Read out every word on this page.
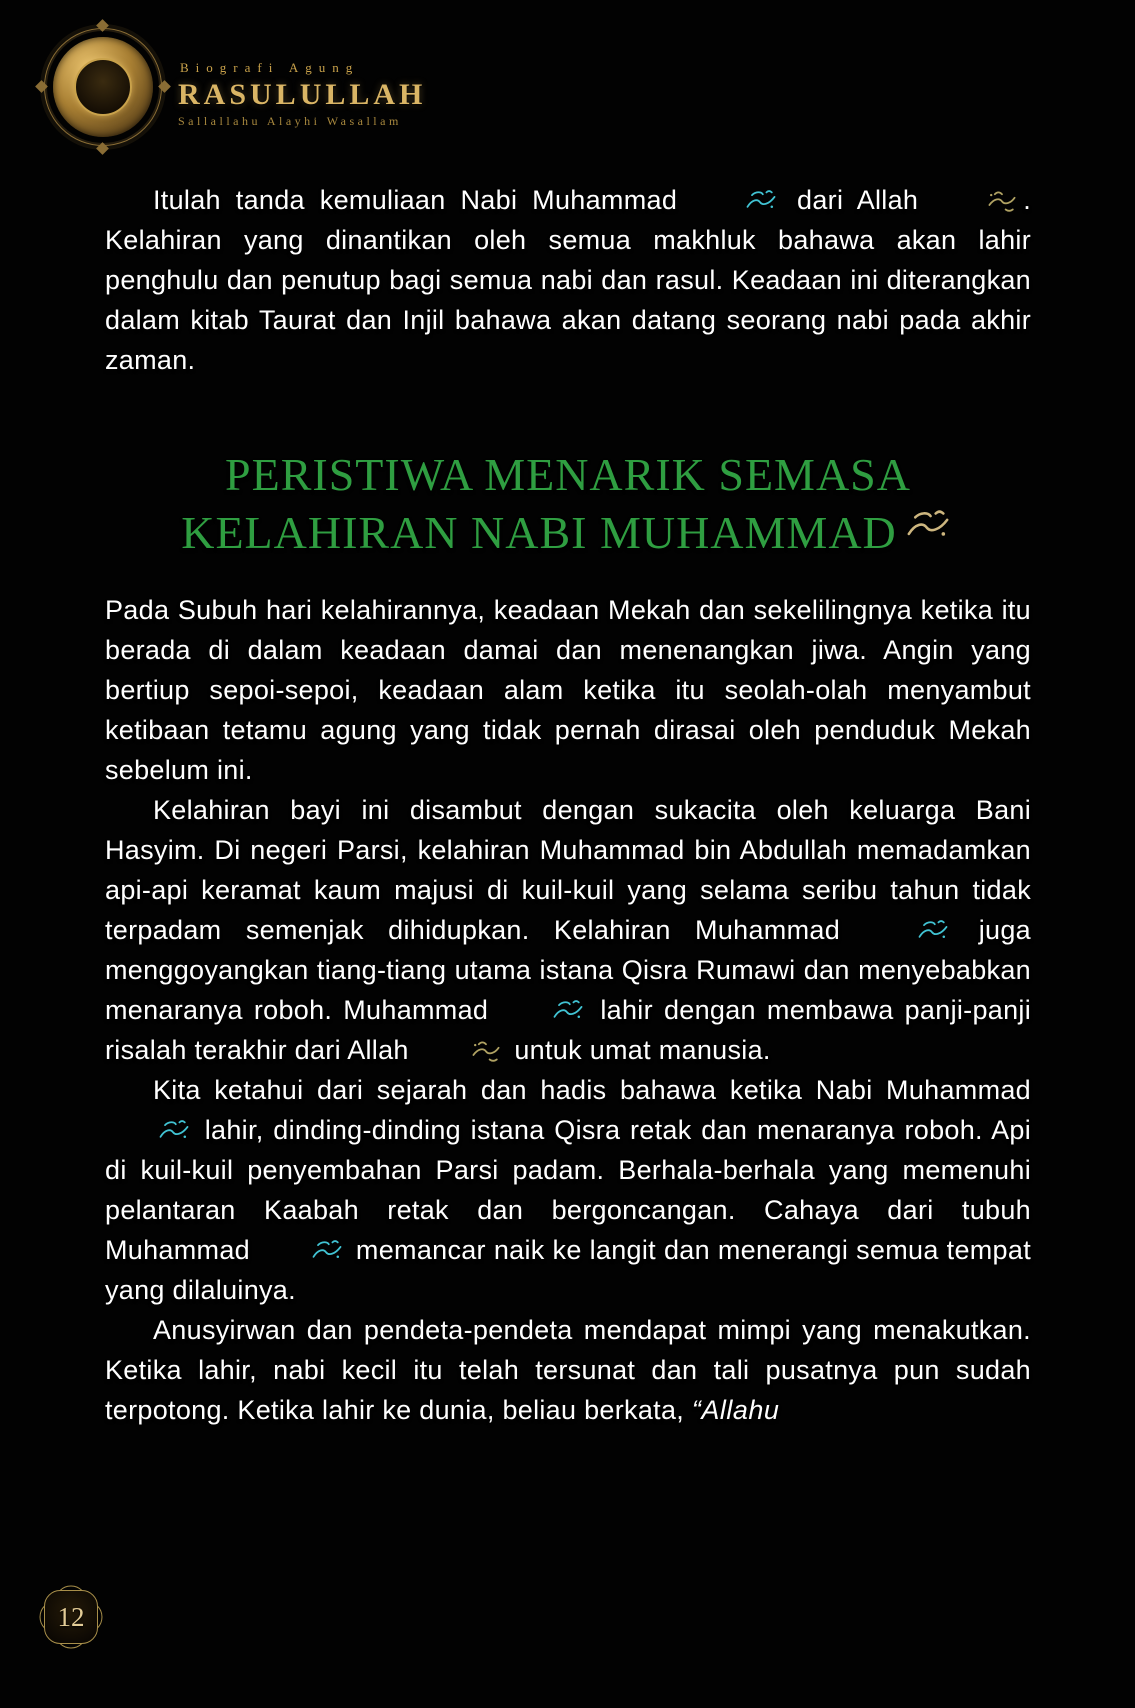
Biografi Agung
RASULULLAH
Sallallahu Alayhi Wasallam

Itulah tanda kemuliaan Nabi Muhammad	dari Allah	. Kelahiran yang dinantikan oleh semua makhluk bahawa akan lahir penghulu dan penutup bagi semua nabi dan rasul. Keadaan ini diterangkan dalam kitab Taurat dan Injil bahawa akan datang seorang nabi pada akhir zaman.

PERISTIWA MENARIK SEMASA
KELAHIRAN NABI MUHAMMAD

Pada Subuh hari kelahirannya, keadaan Mekah dan sekelilingnya ketika itu berada di dalam keadaan damai dan menenangkan jiwa. Angin yang bertiup sepoi-sepoi, keadaan alam ketika itu seolah-olah menyambut ketibaan tetamu agung yang tidak pernah dirasai oleh penduduk Mekah sebelum ini.

Kelahiran bayi ini disambut dengan sukacita oleh keluarga Bani Hasyim. Di negeri Parsi, kelahiran Muhammad bin Abdullah memadamkan api-api keramat kaum majusi di kuil-kuil yang selama seribu tahun tidak terpadam semenjak dihidupkan. Kelahiran Muhammad	juga menggoyangkan tiang-tiang utama istana Qisra Rumawi dan menyebabkan menaranya roboh. Muhammad	lahir dengan membawa panji-panji risalah terakhir dari Allah	untuk umat manusia.

Kita ketahui dari sejarah dan hadis bahawa ketika Nabi Muhammad  lahir, dinding-dinding istana Qisra retak dan menaranya roboh. Api di kuil-kuil penyembahan Parsi padam. Berhala-berhala yang memenuhi pelantaran Kaabah retak dan bergoncangan. Cahaya dari tubuh Muhammad	memancar naik ke langit dan menerangi semua tempat yang dilaluinya.

Anusyirwan dan pendeta-pendeta mendapat mimpi yang menakutkan. Ketika lahir, nabi kecil itu telah tersunat dan tali pusatnya pun sudah terpotong. Ketika lahir ke dunia, beliau berkata, “Allahu

12
